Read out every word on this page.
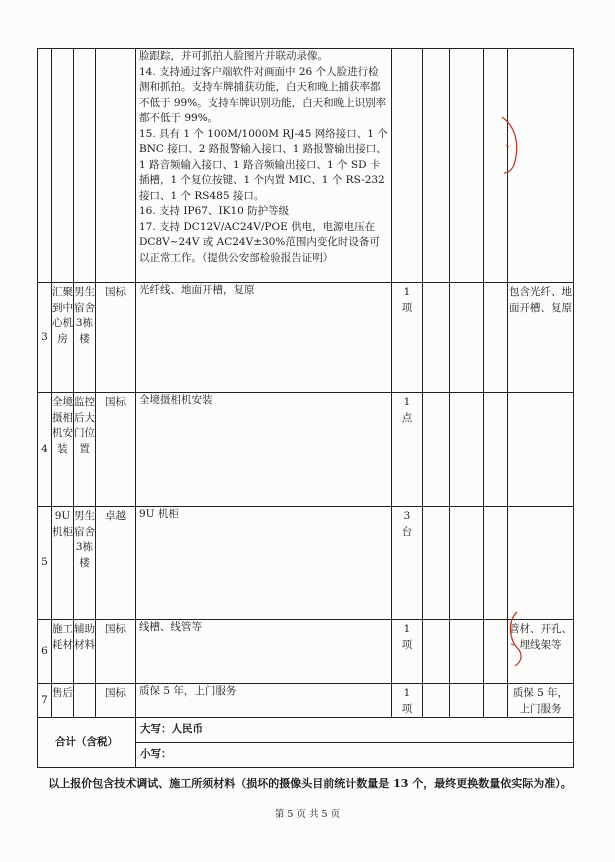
				脸跟踪，并可抓拍人脸图片并联动录像。
14. 支持通过客户端软件对画面中 26 个人脸进行检测和抓拍。支持车牌捕获功能，白天和晚上捕获率都不低于 99%。支持车牌识别功能，白天和晚上识别率都不低于 99%。
15. 具有 1 个 100M/1000M RJ-45 网络接口、1 个 BNC 接口、2 路报警输入接口、1 路报警输出接口、1 路音频输入接口、1 路音频输出接口、1 个 SD 卡插槽，1 个复位按键、1 个内置 MIC、1 个 RS-232 接口、1 个 RS485 接口。
16. 支持 IP67、IK10 防护等级
17. 支持 DC12V/AC24V/POE 供电，电源电压在 DC8V~24V 或 AC24V±30%范围内变化时设备可以正常工作。（提供公安部检验报告证明）					

3	汇聚到中心机房	男生宿舍3栋楼	国标	光纤线、地面开槽，复原	1
项				包含光纤、地面开槽、复原
4	全境摄相机安装	监控后大门位置	国标	全境摄相机安装	1
点				

5	9U机柜	男生宿舍3栋楼	卓越	9U 机柜	3
台				

6	施工耗材	辅助材料	国标	线槽、线管等	1
项				管材、开孔、埋线架等
7	售后		国标	质保 5 年，上门服务	1
项				质保 5 年，上门服务
合计（含税）				大写：人民币					
				小写：					
以上报价包含技术调试、施工所须材料（损坏的摄像头目前统计数量是 13 个，最终更换数量依实际为准）。
第 5 页 共 5 页
